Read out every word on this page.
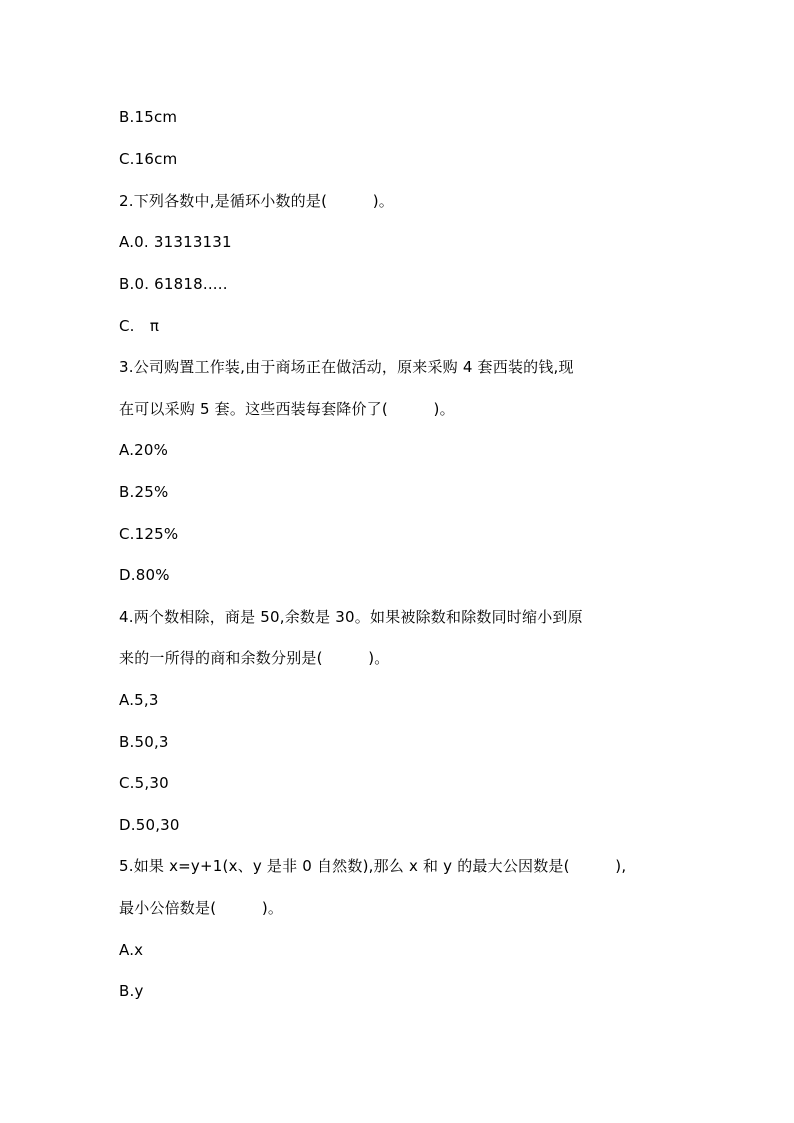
B.15cm
C.16cm
2.下列各数中,是循环小数的是(　　　)。
A.0. 31313131
B.0. 61818.....
C.　π
3.公司购置工作装,由于商场正在做活动，原来采购 4 套西装的钱,现
在可以采购 5 套。这些西装每套降价了(　　　)。
A.20%
B.25%
C.125%
D.80%
4.两个数相除，商是 50,余数是 30。如果被除数和除数同时缩小到原
来的一所得的商和余数分别是(　　　)。
A.5,3
B.50,3
C.5,30
D.50,30
5.如果 x=y+1(x、y 是非 0 自然数),那么 x 和 y 的最大公因数是(　　　),
最小公倍数是(　　　)。
A.x
B.y
